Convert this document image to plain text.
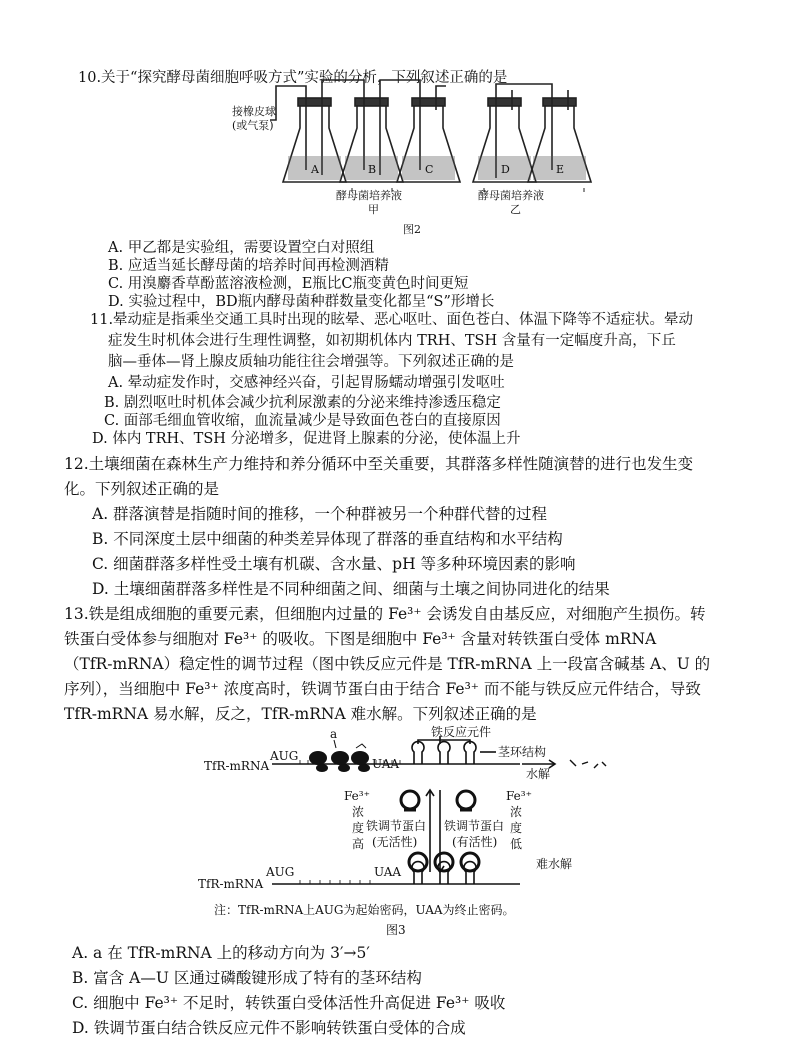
10.关于“探究酵母菌细胞呼吸方式”实验的分析，下列叙述正确的是
接橡皮球
(或气泵)
A	B	C	D	E
酵母菌培养液
甲
酵母菌培养液
乙
图2
A. 甲乙都是实验组，需要设置空白对照组
B. 应适当延长酵母菌的培养时间再检测酒精
C. 用溴麝香草酚蓝溶液检测，E瓶比C瓶变黄色时间更短
D. 实验过程中，BD瓶内酵母菌种群数量变化都呈“S”形增长
11.晕动症是指乘坐交通工具时出现的眩晕、恶心呕吐、面色苍白、体温下降等不适症状。晕动
症发生时机体会进行生理性调整，如初期机体内 TRH、TSH 含量有一定幅度升高，下丘
脑—垂体—肾上腺皮质轴功能往往会增强等。下列叙述正确的是
A. 晕动症发作时，交感神经兴奋，引起胃肠蠕动增强引发呕吐
B. 剧烈呕吐时机体会减少抗利尿激素的分泌来维持渗透压稳定
C. 面部毛细血管收缩，血流量减少是导致面色苍白的直接原因
D. 体内 TRH、TSH 分泌增多，促进肾上腺素的分泌，使体温上升
12.土壤细菌在森林生产力维持和养分循环中至关重要，其群落多样性随演替的进行也发生变
化。下列叙述正确的是
A. 群落演替是指随时间的推移，一个种群被另一个种群代替的过程
B. 不同深度土层中细菌的种类差异体现了群落的垂直结构和水平结构
C. 细菌群落多样性受土壤有机碳、含水量、pH 等多种环境因素的影响
D. 土壤细菌群落多样性是不同种细菌之间、细菌与土壤之间协同进化的结果
13.铁是组成细胞的重要元素，但细胞内过量的 Fe³⁺ 会诱发自由基反应，对细胞产生损伤。转
铁蛋白受体参与细胞对 Fe³⁺ 的吸收。下图是细胞中 Fe³⁺ 含量对转铁蛋白受体 mRNA
（TfR-mRNA）稳定性的调节过程（图中铁反应元件是 TfR-mRNA 上一段富含碱基 A、U 的
序列），当细胞中 Fe³⁺ 浓度高时，铁调节蛋白由于结合 Fe³⁺ 而不能与铁反应元件结合，导致
TfR-mRNA 易水解，反之，TfR-mRNA 难水解。下列叙述正确的是
铁反应元件
a
AUG
UAA
TfR-mRNA
茎环结构
水解
Fe³⁺
浓
度
高
Fe³⁺
浓
度
低
铁调节蛋白
(无活性)
铁调节蛋白
(有活性)
难水解
TfR-mRNA
AUG	UAA
注：TfR-mRNA上AUG为起始密码，UAA为终止密码。
图3
A. a 在 TfR-mRNA 上的移动方向为 3′→5′
B. 富含 A—U 区通过磷酸键形成了特有的茎环结构
C. 细胞中 Fe³⁺ 不足时，转铁蛋白受体活性升高促进 Fe³⁺ 吸收
D. 铁调节蛋白结合铁反应元件不影响转铁蛋白受体的合成
